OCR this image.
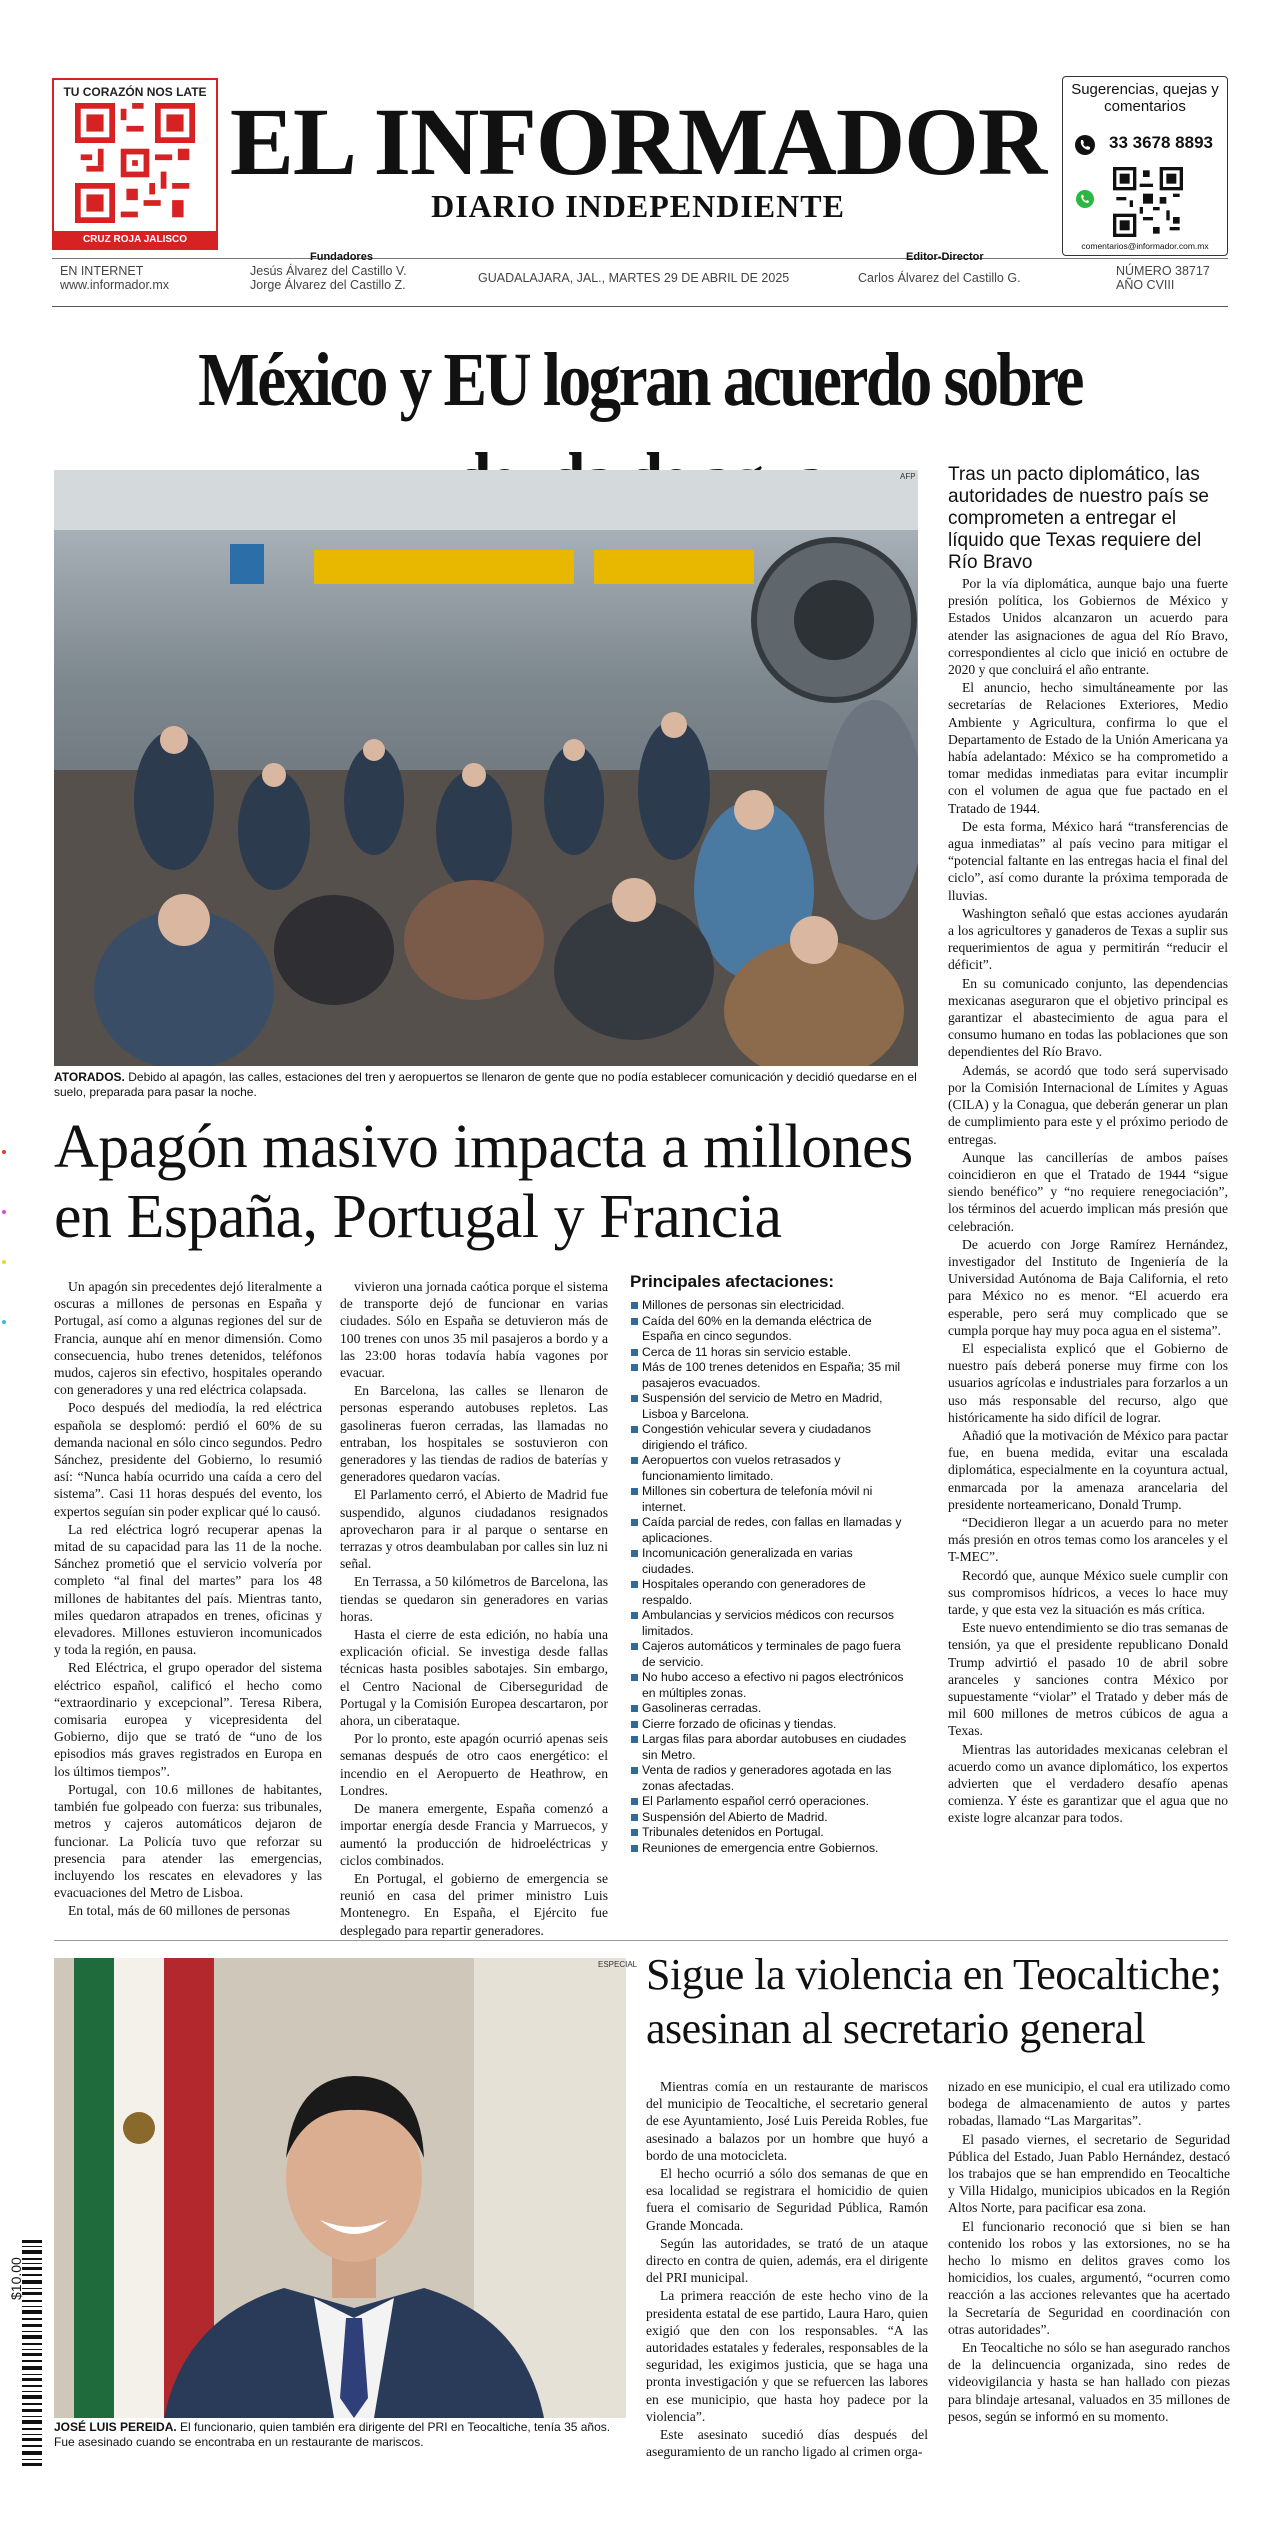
TU CORAZÓN NOS LATE
CRUZ ROJA JALISCO
EL INFORMADOR
DIARIO INDEPENDIENTE
Sugerencias, quejas y comentarios
33 3678 8893
comentarios@informador.com.mx
EN INTERNET
www.informador.mx
Fundadores
Jesús Álvarez del Castillo V.
Jorge Álvarez del Castillo Z.	GUADALAJARA, JAL., MARTES 29 DE ABRIL DE 2025
Editor-Director
Carlos Álvarez del Castillo G.	NÚMERO 38717
AÑO CVIII
México y EU logran acuerdo sobre
AFP
ATORADOS. Debido al apagón, las calles, estaciones del tren y aeropuertos se llenaron de gente que no podía establecer comunicación y decidió quedarse en el suelo, preparada para pasar la noche.
Tras un pacto diplomático, las autoridades de nuestro país se comprometen a entregar el líquido que Texas requiere del Río Bravo

Por la vía diplomática, aunque bajo una fuerte presión política, los Gobiernos de México y Estados Unidos alcanzaron un acuerdo para atender las asignaciones de agua del Río Bravo, correspondientes al ciclo que inició en octubre de 2020 y que concluirá el año entrante.

El anuncio, hecho simultáneamente por las secretarías de Relaciones Exteriores, Medio Ambiente y Agricultura, confirma lo que el Departamento de Estado de la Unión Americana ya había adelantado: México se ha comprometido a tomar medidas inmediatas para evitar incumplir con el volumen de agua que fue pactado en el Tratado de 1944.

De esta forma, México hará “transferencias de agua inmediatas” al país vecino para mitigar el “potencial faltante en las entregas hacia el final del ciclo”, así como durante la próxima temporada de lluvias.

Washington señaló que estas acciones ayudarán a los agricultores y ganaderos de Texas a suplir sus requerimientos de agua y permitirán “reducir el déficit”.

En su comunicado conjunto, las dependencias mexicanas aseguraron que el objetivo principal es garantizar el abastecimiento de agua para el consumo humano en todas las poblaciones que son dependientes del Río Bravo.

Además, se acordó que todo será supervisado por la Comisión Internacional de Límites y Aguas (CILA) y la Conagua, que deberán generar un plan de cumplimiento para este y el próximo periodo de entregas.

Aunque las cancillerías de ambos países coincidieron en que el Tratado de 1944 “sigue siendo benéfico” y “no requiere renegociación”, los términos del acuerdo implican más presión que celebración.

De acuerdo con Jorge Ramírez Hernández, investigador del Instituto de Ingeniería de la Universidad Autónoma de Baja California, el reto para México no es menor. “El acuerdo era esperable, pero será muy complicado que se cumpla porque hay muy poca agua en el sistema”.

El especialista explicó que el Gobierno de nuestro país deberá ponerse muy firme con los usuarios agrícolas e industriales para forzarlos a un uso más responsable del recurso, algo que históricamente ha sido difícil de lograr.

Añadió que la motivación de México para pactar fue, en buena medida, evitar una escalada diplomática, especialmente en la coyuntura actual, enmarcada por la amenaza arancelaria del presidente norteamericano, Donald Trump.

“Decidieron llegar a un acuerdo para no meter más presión en otros temas como los aranceles y el T-MEC”.

Recordó que, aunque México suele cumplir con sus compromisos hídricos, a veces lo hace muy tarde, y que esta vez la situación es más crítica.

Este nuevo entendimiento se dio tras semanas de tensión, ya que el presidente republicano Donald Trump advirtió el pasado 10 de abril sobre aranceles y sanciones contra México por supuestamente “violar” el Tratado y deber más de mil 600 millones de metros cúbicos de agua a Texas.

Mientras las autoridades mexicanas celebran el acuerdo como un avance diplomático, los expertos advierten que el verdadero desafío apenas comienza. Y éste es garantizar que el agua que no existe logre alcanzar para todos.

Apagón masivo impacta a millones
en España, Portugal y Francia

Un apagón sin precedentes dejó literalmente a oscuras a millones de personas en España y Portugal, así como a algunas regiones del sur de Francia, aunque ahí en menor dimensión. Como consecuencia, hubo trenes detenidos, teléfonos mudos, cajeros sin efectivo, hospitales operando con generadores y una red eléctrica colapsada.

Poco después del mediodía, la red eléctrica española se desplomó: perdió el 60% de su demanda nacional en sólo cinco segundos. Pedro Sánchez, presidente del Gobierno, lo resumió así: “Nunca había ocurrido una caída a cero del sistema”. Casi 11 horas después del evento, los expertos seguían sin poder explicar qué lo causó.

La red eléctrica logró recuperar apenas la mitad de su capacidad para las 11 de la noche. Sánchez prometió que el servicio volvería por completo “al final del martes” para los 48 millones de habitantes del país. Mientras tanto, miles quedaron atrapados en trenes, oficinas y elevadores. Millones estuvieron incomunicados y toda la región, en pausa.

Red Eléctrica, el grupo operador del sistema eléctrico español, calificó el hecho como “extraordinario y excepcional”. Teresa Ribera, comisaria europea y vicepresidenta del Gobierno, dijo que se trató de “uno de los episodios más graves registrados en Europa en los últimos tiempos”.

Portugal, con 10.6 millones de habitantes, también fue golpeado con fuerza: sus tribunales, metros y cajeros automáticos dejaron de funcionar. La Policía tuvo que reforzar su presencia para atender las emergencias, incluyendo los rescates en elevadores y las evacuaciones del Metro de Lisboa.

En total, más de 60 millones de personas

vivieron una jornada caótica porque el sistema de transporte dejó de funcionar en varias ciudades. Sólo en España se detuvieron más de 100 trenes con unos 35 mil pasajeros a bordo y a las 23:00 horas todavía había vagones por evacuar.

En Barcelona, las calles se llenaron de personas esperando autobuses repletos. Las gasolineras fueron cerradas, las llamadas no entraban, los hospitales se sostuvieron con generadores y las tiendas de radios de baterías y generadores quedaron vacías.

El Parlamento cerró, el Abierto de Madrid fue suspendido, algunos ciudadanos resignados aprovecharon para ir al parque o sentarse en terrazas y otros deambulaban por calles sin luz ni señal.

En Terrassa, a 50 kilómetros de Barcelona, las tiendas se quedaron sin generadores en varias horas.

Hasta el cierre de esta edición, no había una explicación oficial. Se investiga desde fallas técnicas hasta posibles sabotajes. Sin embargo, el Centro Nacional de Ciberseguridad de Portugal y la Comisión Europea descartaron, por ahora, un ciberataque.

Por lo pronto, este apagón ocurrió apenas seis semanas después de otro caos energético: el incendio en el Aeropuerto de Heathrow, en Londres.

De manera emergente, España comenzó a importar energía desde Francia y Marruecos, y aumentó la producción de hidroeléctricas y ciclos combinados.

En Portugal, el gobierno de emergencia se reunió en casa del primer ministro Luis Montenegro. En España, el Ejército fue desplegado para repartir generadores.

Principales afectaciones:
Millones de personas sin electricidad.
Caída del 60% en la demanda eléctrica de España en cinco segundos.
Cerca de 11 horas sin servicio estable.
Más de 100 trenes detenidos en España; 35 mil pasajeros evacuados.
Suspensión del servicio de Metro en Madrid, Lisboa y Barcelona.
Congestión vehicular severa y ciudadanos dirigiendo el tráfico.
Aeropuertos con vuelos retrasados y funcionamiento limitado.
Millones sin cobertura de telefonía móvil ni internet.
Caída parcial de redes, con fallas en llamadas y aplicaciones.
Incomunicación generalizada en varias ciudades.
Hospitales operando con generadores de respaldo.
Ambulancias y servicios médicos con recursos limitados.
Cajeros automáticos y terminales de pago fuera de servicio.
No hubo acceso a efectivo ni pagos electrónicos en múltiples zonas.
Gasolineras cerradas.
Cierre forzado de oficinas y tiendas.
Largas filas para abordar autobuses en ciudades sin Metro.
Venta de radios y generadores agotada en las zonas afectadas.
El Parlamento español cerró operaciones.
Suspensión del Abierto de Madrid.
Tribunales detenidos en Portugal.
Reuniones de emergencia entre Gobiernos.
ESPECIAL
JOSÉ LUIS PEREIDA. El funcionario, quien también era dirigente del PRI en Teocaltiche, tenía 35 años. Fue asesinado cuando se encontraba en un restaurante de mariscos.
Sigue la violencia en Teocaltiche; asesinan al secretario general

Mientras comía en un restaurante de mariscos del municipio de Teocaltiche, el secretario general de ese Ayuntamiento, José Luis Pereida Robles, fue asesinado a balazos por un hombre que huyó a bordo de una motocicleta.

El hecho ocurrió a sólo dos semanas de que en esa localidad se registrara el homicidio de quien fuera el comisario de Seguridad Pública, Ramón Grande Moncada.

Según las autoridades, se trató de un ataque directo en contra de quien, además, era el dirigente del PRI municipal.

La primera reacción de este hecho vino de la presidenta estatal de ese partido, Laura Haro, quien exigió que den con los responsables. “A las autoridades estatales y federales, responsables de la seguridad, les exigimos justicia, que se haga una pronta investigación y que se refuercen las labores en ese municipio, que hasta hoy padece por la violencia”.

Este asesinato sucedió días después del aseguramiento de un rancho ligado al crimen orga-

nizado en ese municipio, el cual era utilizado como bodega de almacenamiento de autos y partes robadas, llamado “Las Margaritas”.

El pasado viernes, el secretario de Seguridad Pública del Estado, Juan Pablo Hernández, destacó los trabajos que se han emprendido en Teocaltiche y Villa Hidalgo, municipios ubicados en la Región Altos Norte, para pacificar esa zona.

El funcionario reconoció que si bien se han contenido los robos y las extorsiones, no se ha hecho lo mismo en delitos graves como los homicidios, los cuales, argumentó, “ocurren como reacción a las acciones relevantes que ha acertado la Secretaría de Seguridad en coordinación con otras autoridades”.

En Teocaltiche no sólo se han asegurado ranchos de la delincuencia organizada, sino redes de videovigilancia y hasta se han hallado con piezas para blindaje artesanal, valuados en 35 millones de pesos, según se informó en su momento.

$10.00
